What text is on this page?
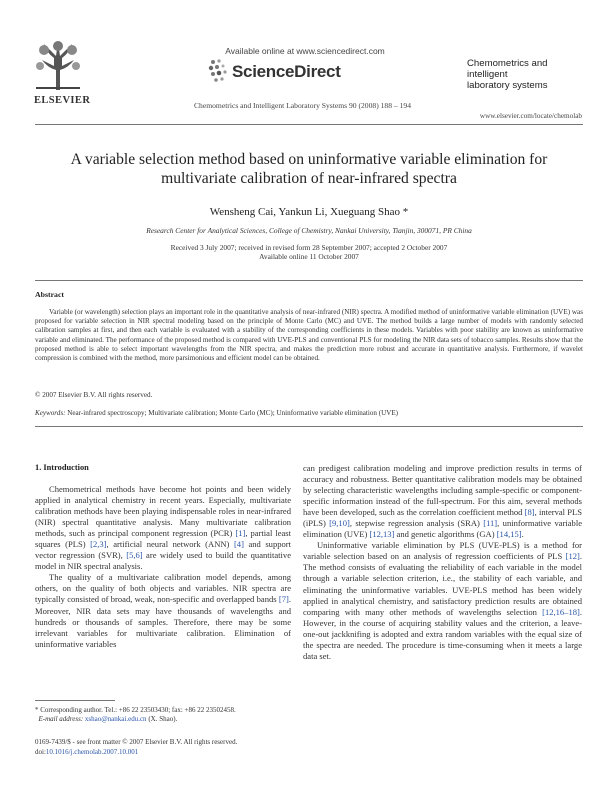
ELSEVIER
Available online at www.sciencedirect.com
ScienceDirect
Chemometrics and Intelligent Laboratory Systems 90 (2008) 188 – 194
Chemometrics and
intelligent
laboratory systems
www.elsevier.com/locate/chemolab
A variable selection method based on uninformative variable elimination for
multivariate calibration of near-infrared spectra
Wensheng Cai, Yankun Li, Xueguang Shao *
Research Center for Analytical Sciences, College of Chemistry, Nankai University, Tianjin, 300071, PR China
Received 3 July 2007; received in revised form 28 September 2007; accepted 2 October 2007
Available online 11 October 2007
Abstract
Variable (or wavelength) selection plays an important role in the quantitative analysis of near-infrared (NIR) spectra. A modified method of uninformative variable elimination (UVE) was proposed for variable selection in NIR spectral modeling based on the principle of Monte Carlo (MC) and UVE. The method builds a large number of models with randomly selected calibration samples at first, and then each variable is evaluated with a stability of the corresponding coefficients in these models. Variables with poor stability are known as uninformative variable and eliminated. The performance of the proposed method is compared with UVE-PLS and conventional PLS for modeling the NIR data sets of tobacco samples. Results show that the proposed method is able to select important wavelengths from the NIR spectra, and makes the prediction more robust and accurate in quantitative analysis. Furthermore, if wavelet compression is combined with the method, more parsimonious and efficient model can be obtained.
© 2007 Elsevier B.V. All rights reserved.
Keywords: Near-infrared spectroscopy; Multivariate calibration; Monte Carlo (MC); Uninformative variable elimination (UVE)
1. Introduction

Chemometrical methods have become hot points and been widely applied in analytical chemistry in recent years. Especially, multivariate calibration methods have been playing indispensable roles in near-infrared (NIR) spectral quantitative analysis. Many multivariate calibration methods, such as principal component regression (PCR) [1], partial least squares (PLS) [2,3], artificial neural network (ANN) [4] and support vector regression (SVR), [5,6] are widely used to build the quantitative model in NIR spectral analysis.

The quality of a multivariate calibration model depends, among others, on the quality of both objects and variables. NIR spectra are typically consisted of broad, weak, non-specific and overlapped bands [7]. Moreover, NIR data sets may have thousands of wavelengths and hundreds or thousands of samples. Therefore, there may be some irrelevant variables for multivariate calibration. Elimination of uninformative variables

can predigest calibration modeling and improve prediction results in terms of accuracy and robustness. Better quantitative calibration models may be obtained by selecting characteristic wavelengths including sample-specific or component-specific information instead of the full-spectrum. For this aim, several methods have been developed, such as the correlation coefficient method [8], interval PLS (iPLS) [9,10], stepwise regression analysis (SRA) [11], uninformative variable elimination (UVE) [12,13] and genetic algorithms (GA) [14,15].

Uninformative variable elimination by PLS (UVE-PLS) is a method for variable selection based on an analysis of regression coefficients of PLS [12]. The method consists of evaluating the reliability of each variable in the model through a variable selection criterion, i.e., the stability of each variable, and eliminating the uninformative variables. UVE-PLS method has been widely applied in analytical chemistry, and satisfactory prediction results are obtained comparing with many other methods of wavelengths selection [12,16–18]. However, in the course of acquiring stability values and the criterion, a leave-one-out jackknifing is adopted and extra random variables with the equal size of the spectra are needed. The procedure is time-consuming when it meets a large data set.

* Corresponding author. Tel.: +86 22 23503430; fax: +86 22 23502458.
E-mail address: xshao@nankai.edu.cn (X. Shao).
0169-7439/$ - see front matter © 2007 Elsevier B.V. All rights reserved.
doi:10.1016/j.chemolab.2007.10.001
